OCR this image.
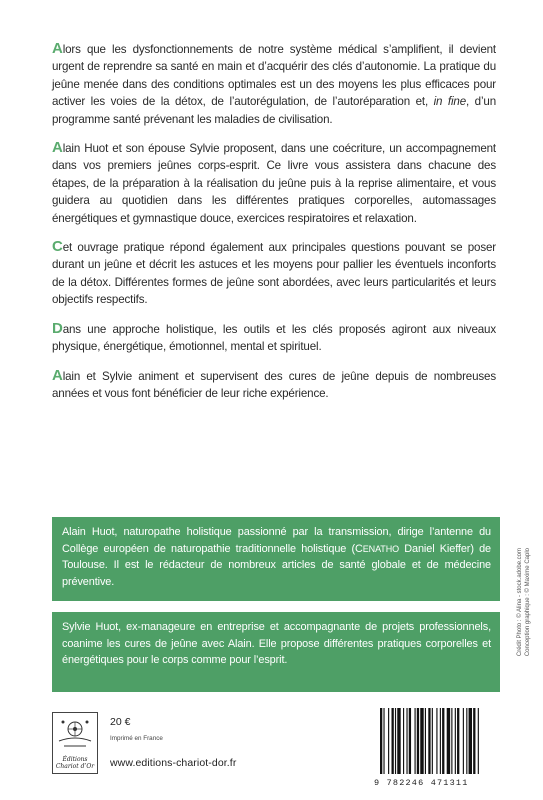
Alors que les dysfonctionnements de notre système médical s’amplifient, il devient urgent de reprendre sa santé en main et d’acquérir des clés d’autonomie. La pratique du jeûne menée dans des conditions optimales est un des moyens les plus efficaces pour activer les voies de la détox, de l’autorégulation, de l’autoréparation et, in fine, d’un programme santé prévenant les maladies de civilisation.

Alain Huot et son épouse Sylvie proposent, dans une coécriture, un accompagnement dans vos premiers jeûnes corps-esprit. Ce livre vous assistera dans chacune des étapes, de la préparation à la réalisation du jeûne puis à la reprise alimentaire, et vous guidera au quotidien dans les différentes pratiques corporelles, automassages énergétiques et gymnastique douce, exercices respiratoires et relaxation.

Cet ouvrage pratique répond également aux principales questions pouvant se poser durant un jeûne et décrit les astuces et les moyens pour pallier les éventuels inconforts de la détox. Différentes formes de jeûne sont abordées, avec leurs particularités et leurs objectifs respectifs.

Dans une approche holistique, les outils et les clés proposés agiront aux niveaux physique, énergétique, émotionnel, mental et spirituel.

Alain et Sylvie animent et supervisent des cures de jeûne depuis de nombreuses années et vous font bénéficier de leur riche expérience.

Alain Huot, naturopathe holistique passionné par la transmission, dirige l’antenne du Collège européen de naturopathie traditionnelle holistique (CENATHO Daniel Kieffer) de Toulouse. Il est le rédacteur de nombreux articles de santé globale et de médecine préventive.
Sylvie Huot, ex-manageure en entreprise et accompagnante de projets professionnels, coanime les cures de jeûne avec Alain. Elle propose différentes pratiques corporelles et énergétiques pour le corps comme pour l’esprit.
Éditions
Chariot d’Or
20 €
Imprimé en France
www.editions-chariot-dor.fr
9 782246 471311
Crédit Photo : © Alina - stock.adobe.com Conception graphique : © Maxime Caplo
